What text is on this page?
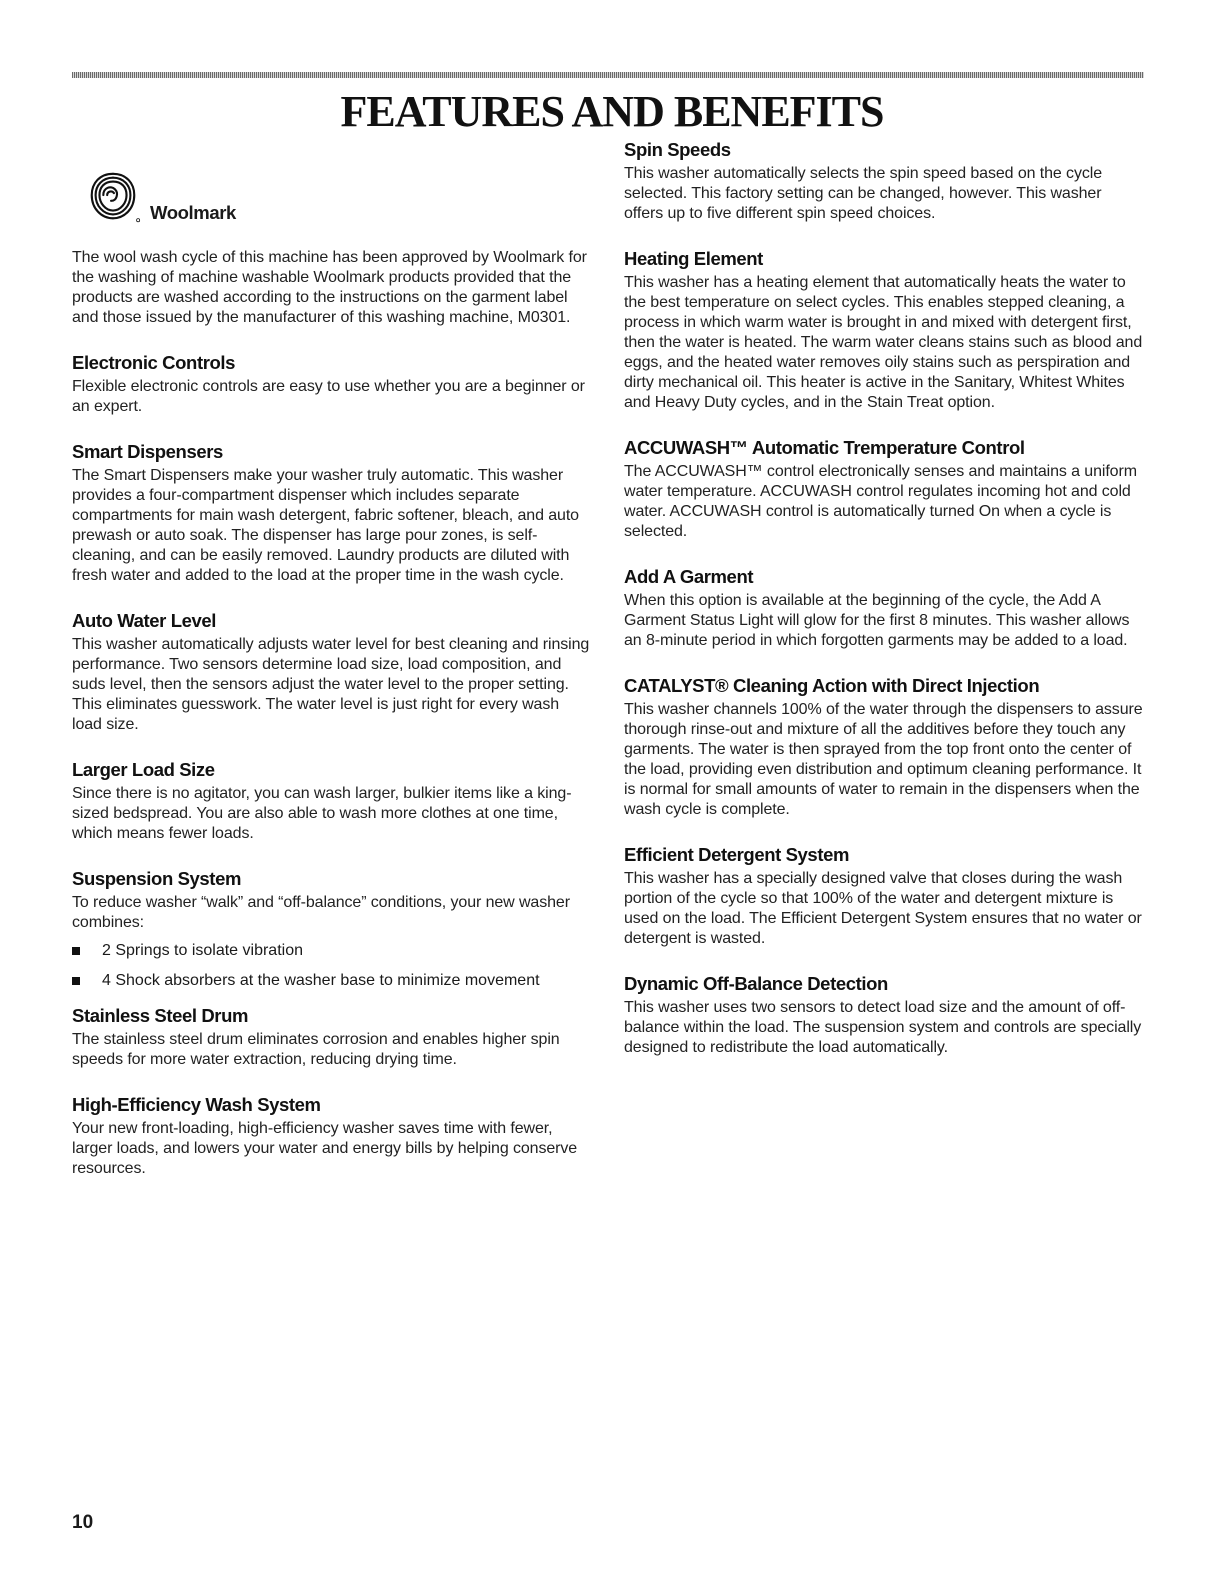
FEATURES AND BENEFITS
Woolmark

The wool wash cycle of this machine has been approved by Woolmark for the washing of machine washable Woolmark products provided that the products are washed according to the instructions on the garment label and those issued by the manufacturer of this washing machine, M0301.

Electronic Controls

Flexible electronic controls are easy to use whether you are a beginner or an expert.

Smart Dispensers

The Smart Dispensers make your washer truly automatic. This washer provides a four-compartment dispenser which includes separate compartments for main wash detergent, fabric softener, bleach, and auto prewash or auto soak. The dispenser has large pour zones, is self-cleaning, and can be easily removed. Laundry products are diluted with fresh water and added to the load at the proper time in the wash cycle.

Auto Water Level

This washer automatically adjusts water level for best cleaning and rinsing performance. Two sensors determine load size, load composition, and suds level, then the sensors adjust the water level to the proper setting. This eliminates guesswork. The water level is just right for every wash load size.

Larger Load Size

Since there is no agitator, you can wash larger, bulkier items like a king-sized bedspread. You are also able to wash more clothes at one time, which means fewer loads.

Suspension System

To reduce washer “walk” and “off-balance” conditions, your new washer combines:

2 Springs to isolate vibration
4 Shock absorbers at the washer base to minimize movement
Stainless Steel Drum

The stainless steel drum eliminates corrosion and enables higher spin speeds for more water extraction, reducing drying time.

High-Efficiency Wash System

Your new front-loading, high-efficiency washer saves time with fewer, larger loads, and lowers your water and energy bills by helping conserve resources.

Spin Speeds

This washer automatically selects the spin speed based on the cycle selected. This factory setting can be changed, however. This washer offers up to five different spin speed choices.

Heating Element

This washer has a heating element that automatically heats the water to the best temperature on select cycles. This enables stepped cleaning, a process in which warm water is brought in and mixed with detergent first, then the water is heated. The warm water cleans stains such as blood and eggs, and the heated water removes oily stains such as perspiration and dirty mechanical oil. This heater is active in the Sanitary, Whitest Whites and Heavy Duty cycles, and in the Stain Treat option.

ACCUWASH™ Automatic Tremperature Control

The ACCUWASH™ control electronically senses and maintains a uniform water temperature. ACCUWASH control regulates incoming hot and cold water. ACCUWASH control is automatically turned On when a cycle is selected.

Add A Garment

When this option is available at the beginning of the cycle, the Add A Garment Status Light will glow for the first 8 minutes. This washer allows an 8-minute period in which forgotten garments may be added to a load.

CATALYST® Cleaning Action with Direct Injection

This washer channels 100% of the water through the dispensers to assure thorough rinse-out and mixture of all the additives before they touch any garments. The water is then sprayed from the top front onto the center of the load, providing even distribution and optimum cleaning performance. It is normal for small amounts of water to remain in the dispensers when the wash cycle is complete.

Efficient Detergent System

This washer has a specially designed valve that closes during the wash portion of the cycle so that 100% of the water and detergent mixture is used on the load. The Efficient Detergent System ensures that no water or detergent is wasted.

Dynamic Off-Balance Detection

This washer uses two sensors to detect load size and the amount of off-balance within the load. The suspension system and controls are specially designed to redistribute the load automatically.

10
